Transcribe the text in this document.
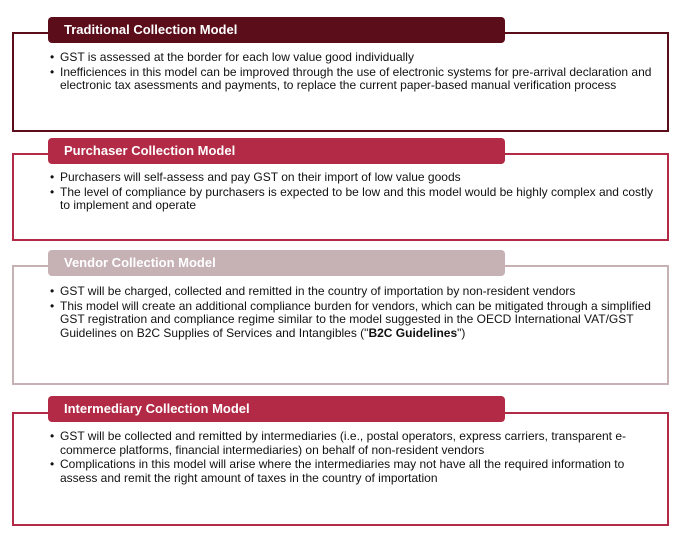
Traditional Collection Model
• GST is assessed at the border for each low value good individually
• Inefficiences in this model can be improved through the use of electronic systems for pre-arrival declaration and electronic tax asessments and payments, to replace the current paper-based manual verification process
Purchaser Collection Model
• Purchasers will self-assess and pay GST on their import of low value goods
• The level of compliance by purchasers is expected to be low and this model would be highly complex and costly to implement and operate
Vendor Collection Model
• GST will be charged, collected and remitted in the country of importation by non-resident vendors
• This model will create an additional compliance burden for vendors, which can be mitigated through a simplified GST registration and compliance regime similar to the model suggested in the OECD International VAT/GST Guidelines on B2C Supplies of Services and Intangibles ("B2C Guidelines")
Intermediary Collection Model
• GST will be collected and remitted by intermediaries (i.e., postal operators, express carriers, transparent e-commerce platforms, financial intermediaries) on behalf of non-resident vendors
• Complications in this model will arise where the intermediaries may not have all the required information to assess and remit the right amount of taxes in the country of importation
